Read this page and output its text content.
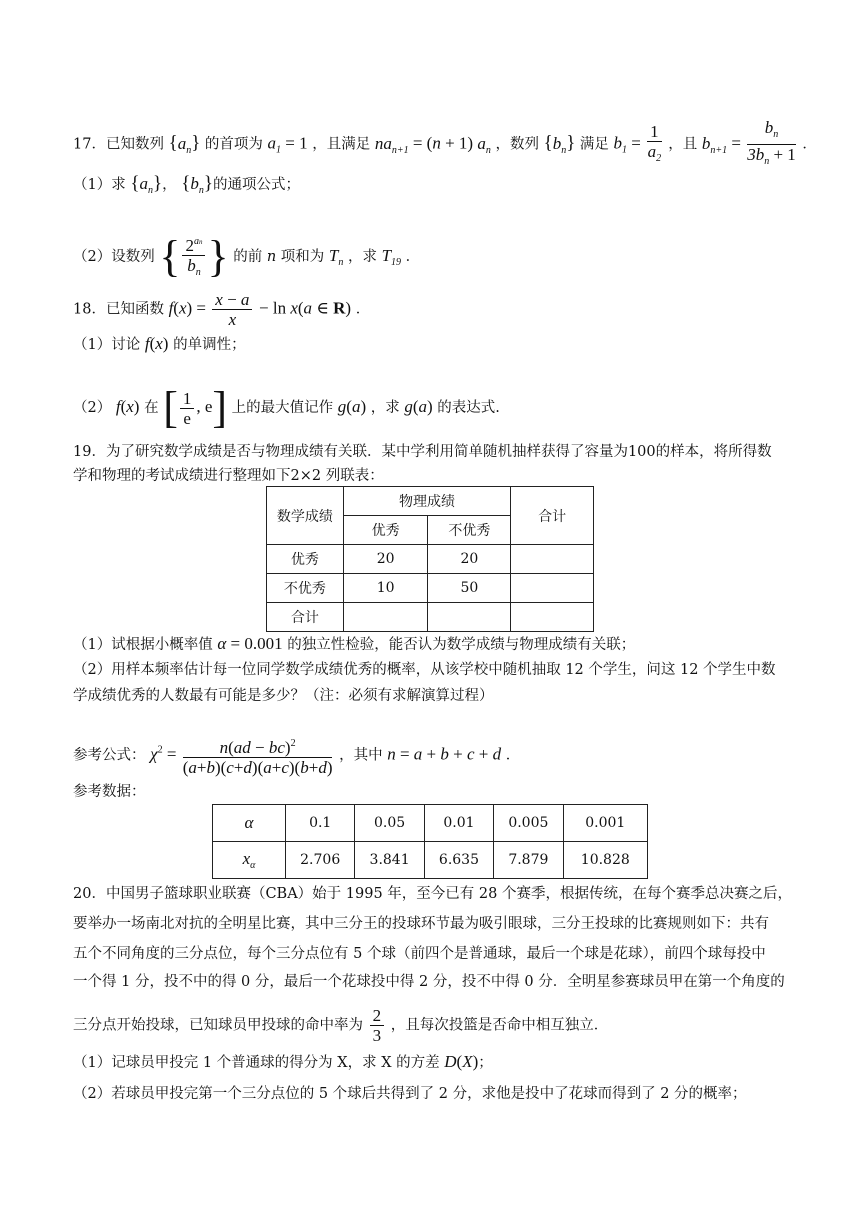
17．已知数列 $\{a_n\}$ 的首项为 $a_1 = 1$ ，且满足 $na_{n+1} = (n + 1)$ $a_n$ ，数列 $\{b_n\}$ 满足 $b_1 = \frac{1}{a_2}$ ，且 $b_{n+1} = \frac{b_n}{3b_n + 1}$ ．
（1）求 $\{a_n\}$， $\{b_n\}$的通项公式；
（2）设数列 { $\frac{2^{an}}{b_n}$ } 的前 n 项和为 $T_n$ ，求 $T_{19}$ ．
18．已知函数 $f(x) = \frac{x - a}{x} - \ln x(a$ ∈ R) ．
（1）讨论 f(x) 的单调性；
（2） f(x) 在 [ $\frac{1}{e}$ , e] 上的最大值记作 g(a) ，求 g(a) 的表达式.
19．为了研究数学成绩是否与物理成绩有关联．某中学利用简单随机抽样获得了容量为100的样本，将所得数
学和物理的考试成绩进行整理如下2×2 列联表：
数学成绩	物理成绩		合计
	优秀	不优秀	
优秀	20	20	
不优秀	10	50	
合计			
（1）试根据小概率值 α = 0.001 的独立性检验，能否认为数学成绩与物理成绩有关联；
（2）用样本频率估计每一位同学数学成绩优秀的概率，从该学校中随机抽取 12 个学生，问这 12 个学生中数
学成绩优秀的人数最有可能是多少？（注：必须有求解演算过程）
参考公式： $\chi^2 = \frac{n(ad - bc)^2}{(a+b)(c+d)(a+c)(b+d)}$ ，其中 n = a + b + c + d ．
参考数据：
α	0.1	0.05	0.01	0.005	0.001
$x_\alpha$	2.706	3.841	6.635	7.879	10.828
20．中国男子篮球职业联赛（CBA）始于 1995 年，至今已有 28 个赛季，根据传统，在每个赛季总决赛之后，
要举办一场南北对抗的全明星比赛，其中三分王的投球环节最为吸引眼球，三分王投球的比赛规则如下：共有
五个不同角度的三分点位，每个三分点位有 5 个球（前四个是普通球，最后一个球是花球），前四个球每投中
一个得 1 分，投不中的得 0 分，最后一个花球投中得 2 分，投不中得 0 分．全明星参赛球员甲在第一个角度的
三分点开始投球，已知球员甲投球的命中率为 $\frac{2}{3}$ ，且每次投篮是否命中相互独立．
（1）记球员甲投完 1 个普通球的得分为 X，求 X 的方差 D(X)；
（2）若球员甲投完第一个三分点位的 5 个球后共得到了 2 分，求他是投中了花球而得到了 2 分的概率；
